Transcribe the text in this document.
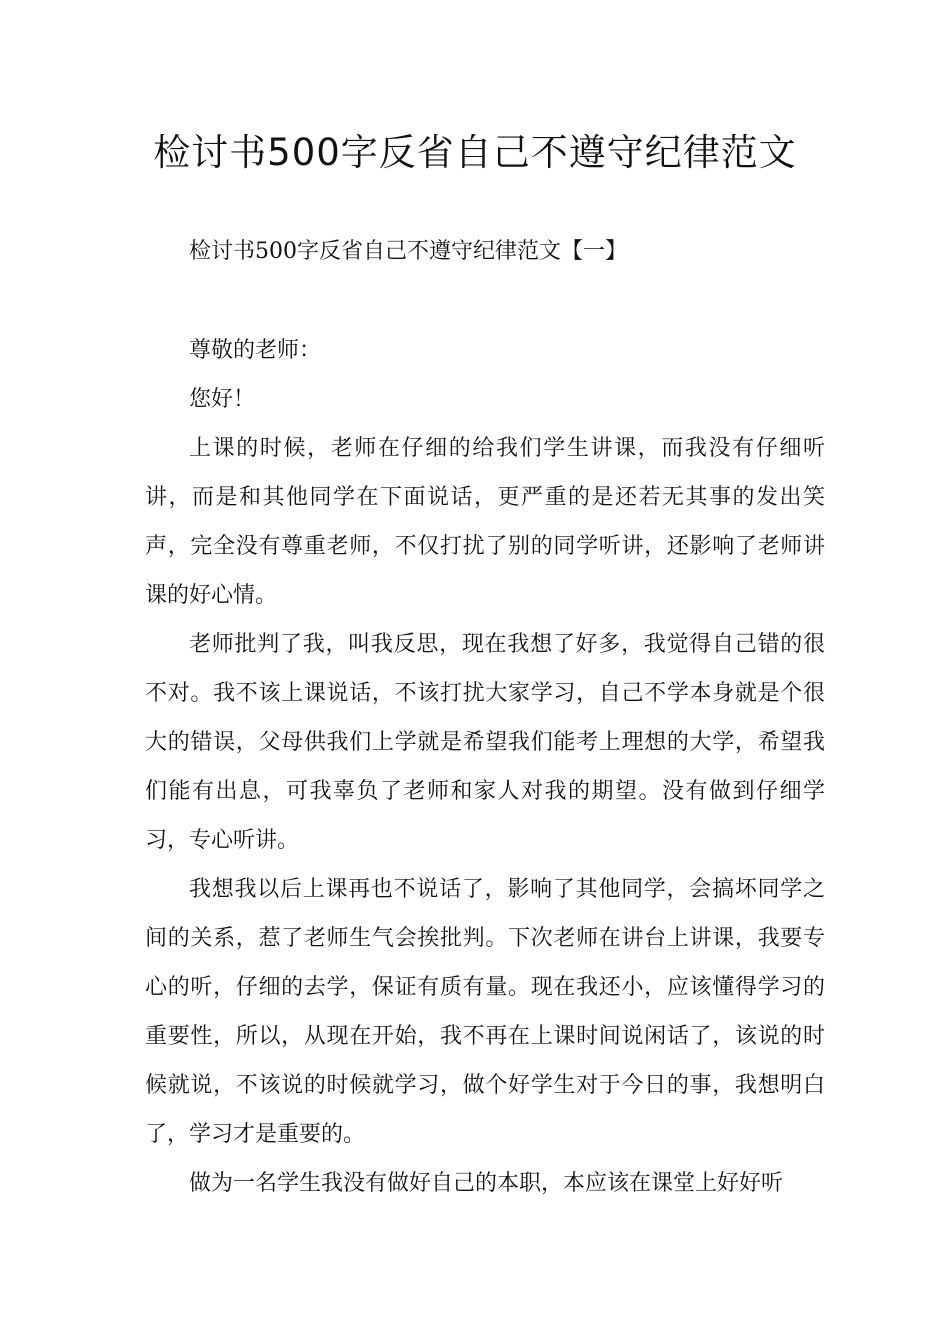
检讨书500字反省自己不遵守纪律范文

检讨书500字反省自己不遵守纪律范文【一】

尊敬的老师：

您好！

上课的时候，老师在仔细的给我们学生讲课，而我没有仔细听讲，而是和其他同学在下面说话，更严重的是还若无其事的发出笑声，完全没有尊重老师，不仅打扰了别的同学听讲，还影响了老师讲课的好心情。

老师批判了我，叫我反思，现在我想了好多，我觉得自己错的很不对。我不该上课说话，不该打扰大家学习，自己不学本身就是个很大的错误，父母供我们上学就是希望我们能考上理想的大学，希望我们能有出息，可我辜负了老师和家人对我的期望。没有做到仔细学习，专心听讲。

我想我以后上课再也不说话了，影响了其他同学，会搞坏同学之间的关系，惹了老师生气会挨批判。下次老师在讲台上讲课，我要专心的听，仔细的去学，保证有质有量。现在我还小，应该懂得学习的重要性，所以，从现在开始，我不再在上课时间说闲话了，该说的时候就说，不该说的时候就学习，做个好学生对于今日的事，我想明白了，学习才是重要的。

做为一名学生我没有做好自己的本职，本应该在课堂上好好听
